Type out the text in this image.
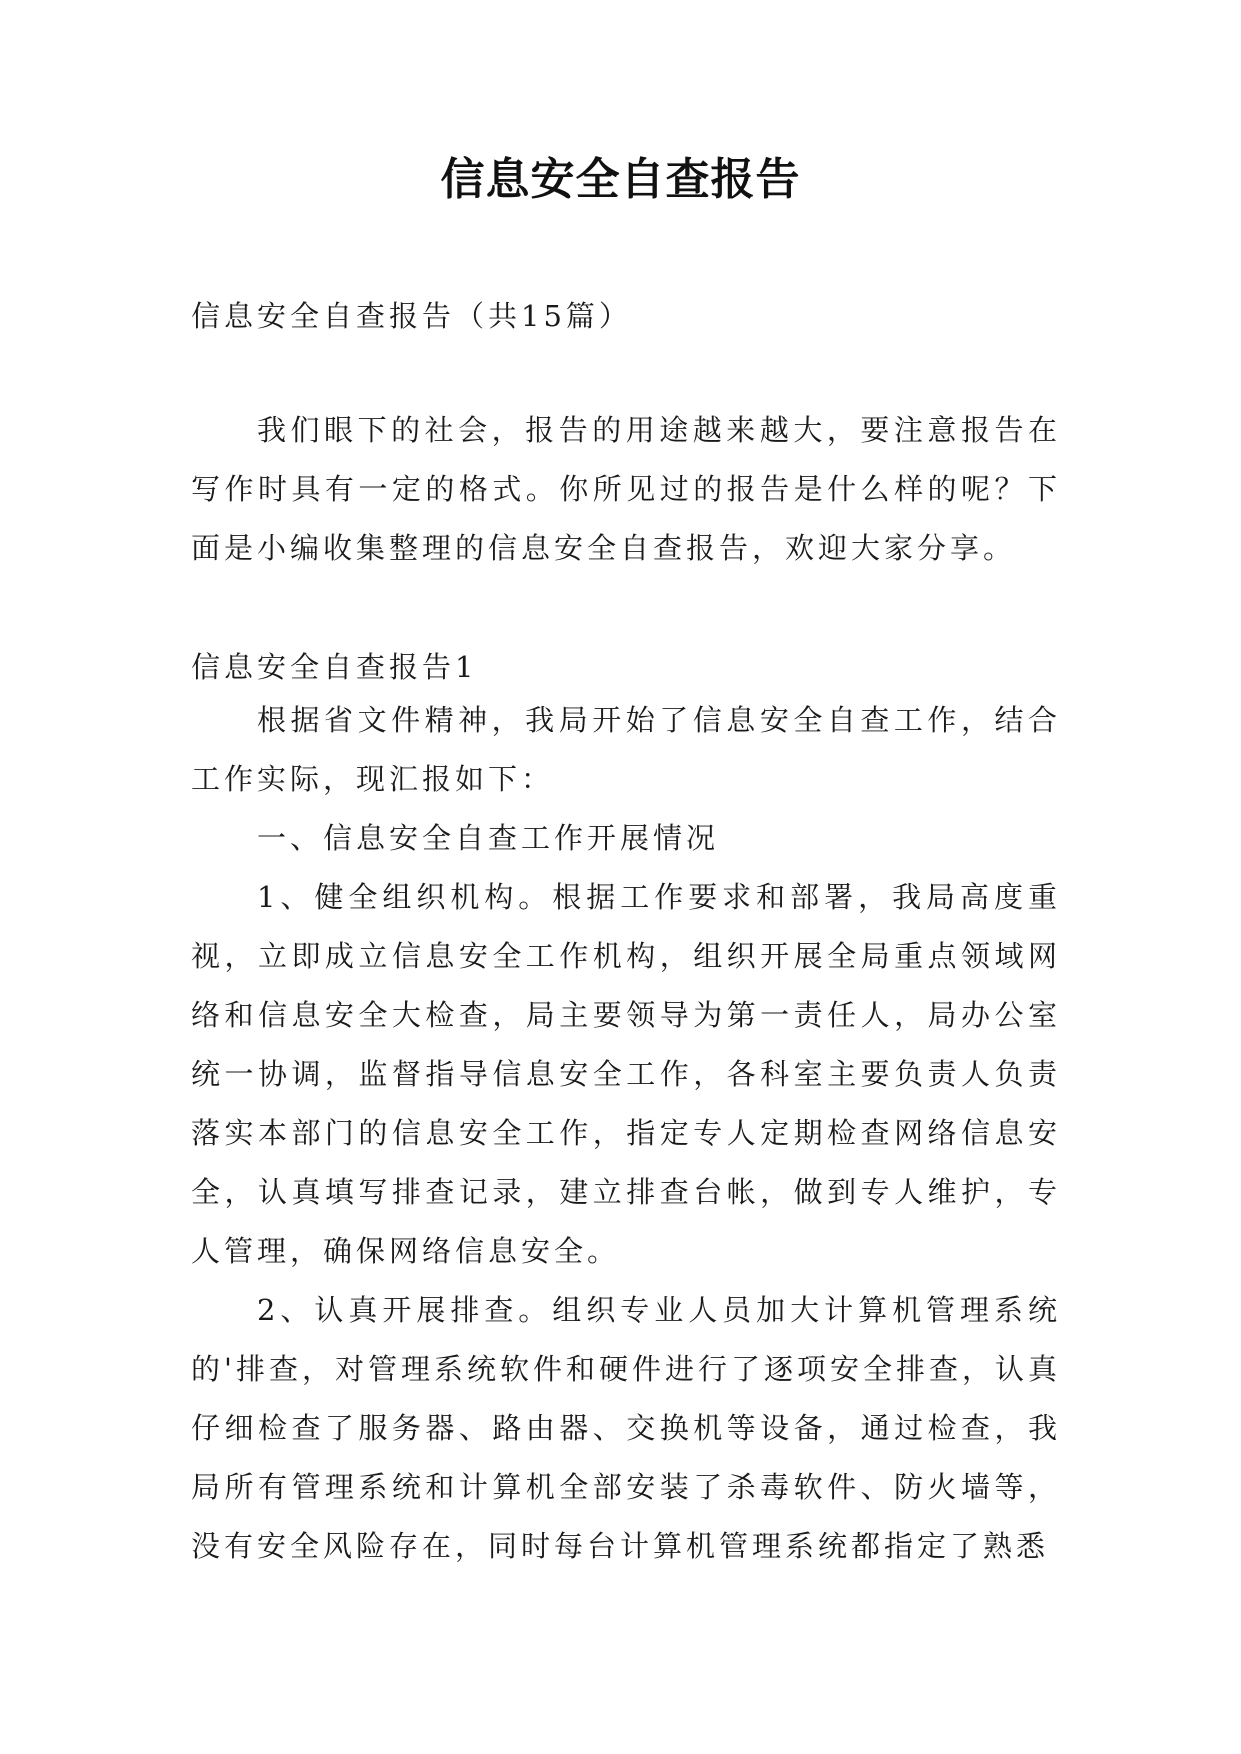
信息安全自查报告
信息安全自查报告（共15篇）

我们眼下的社会，报告的用途越来越大，要注意报告在写作时具有一定的格式。你所见过的报告是什么样的呢？下面是小编收集整理的信息安全自查报告，欢迎大家分享。

信息安全自查报告1

根据省文件精神，我局开始了信息安全自查工作，结合工作实际，现汇报如下：

一、信息安全自查工作开展情况

1、健全组织机构。根据工作要求和部署，我局高度重视，立即成立信息安全工作机构，组织开展全局重点领域网络和信息安全大检查，局主要领导为第一责任人，局办公室统一协调，监督指导信息安全工作，各科室主要负责人负责落实本部门的信息安全工作，指定专人定期检查网络信息安全，认真填写排查记录，建立排查台帐，做到专人维护，专人管理，确保网络信息安全。

2、认真开展排查。组织专业人员加大计算机管理系统的'排查，对管理系统软件和硬件进行了逐项安全排查，认真仔细检查了服务器、路由器、交换机等设备，通过检查，我局所有管理系统和计算机全部安装了杀毒软件、防火墙等，没有安全风险存在，同时每台计算机管理系统都指定了熟悉
